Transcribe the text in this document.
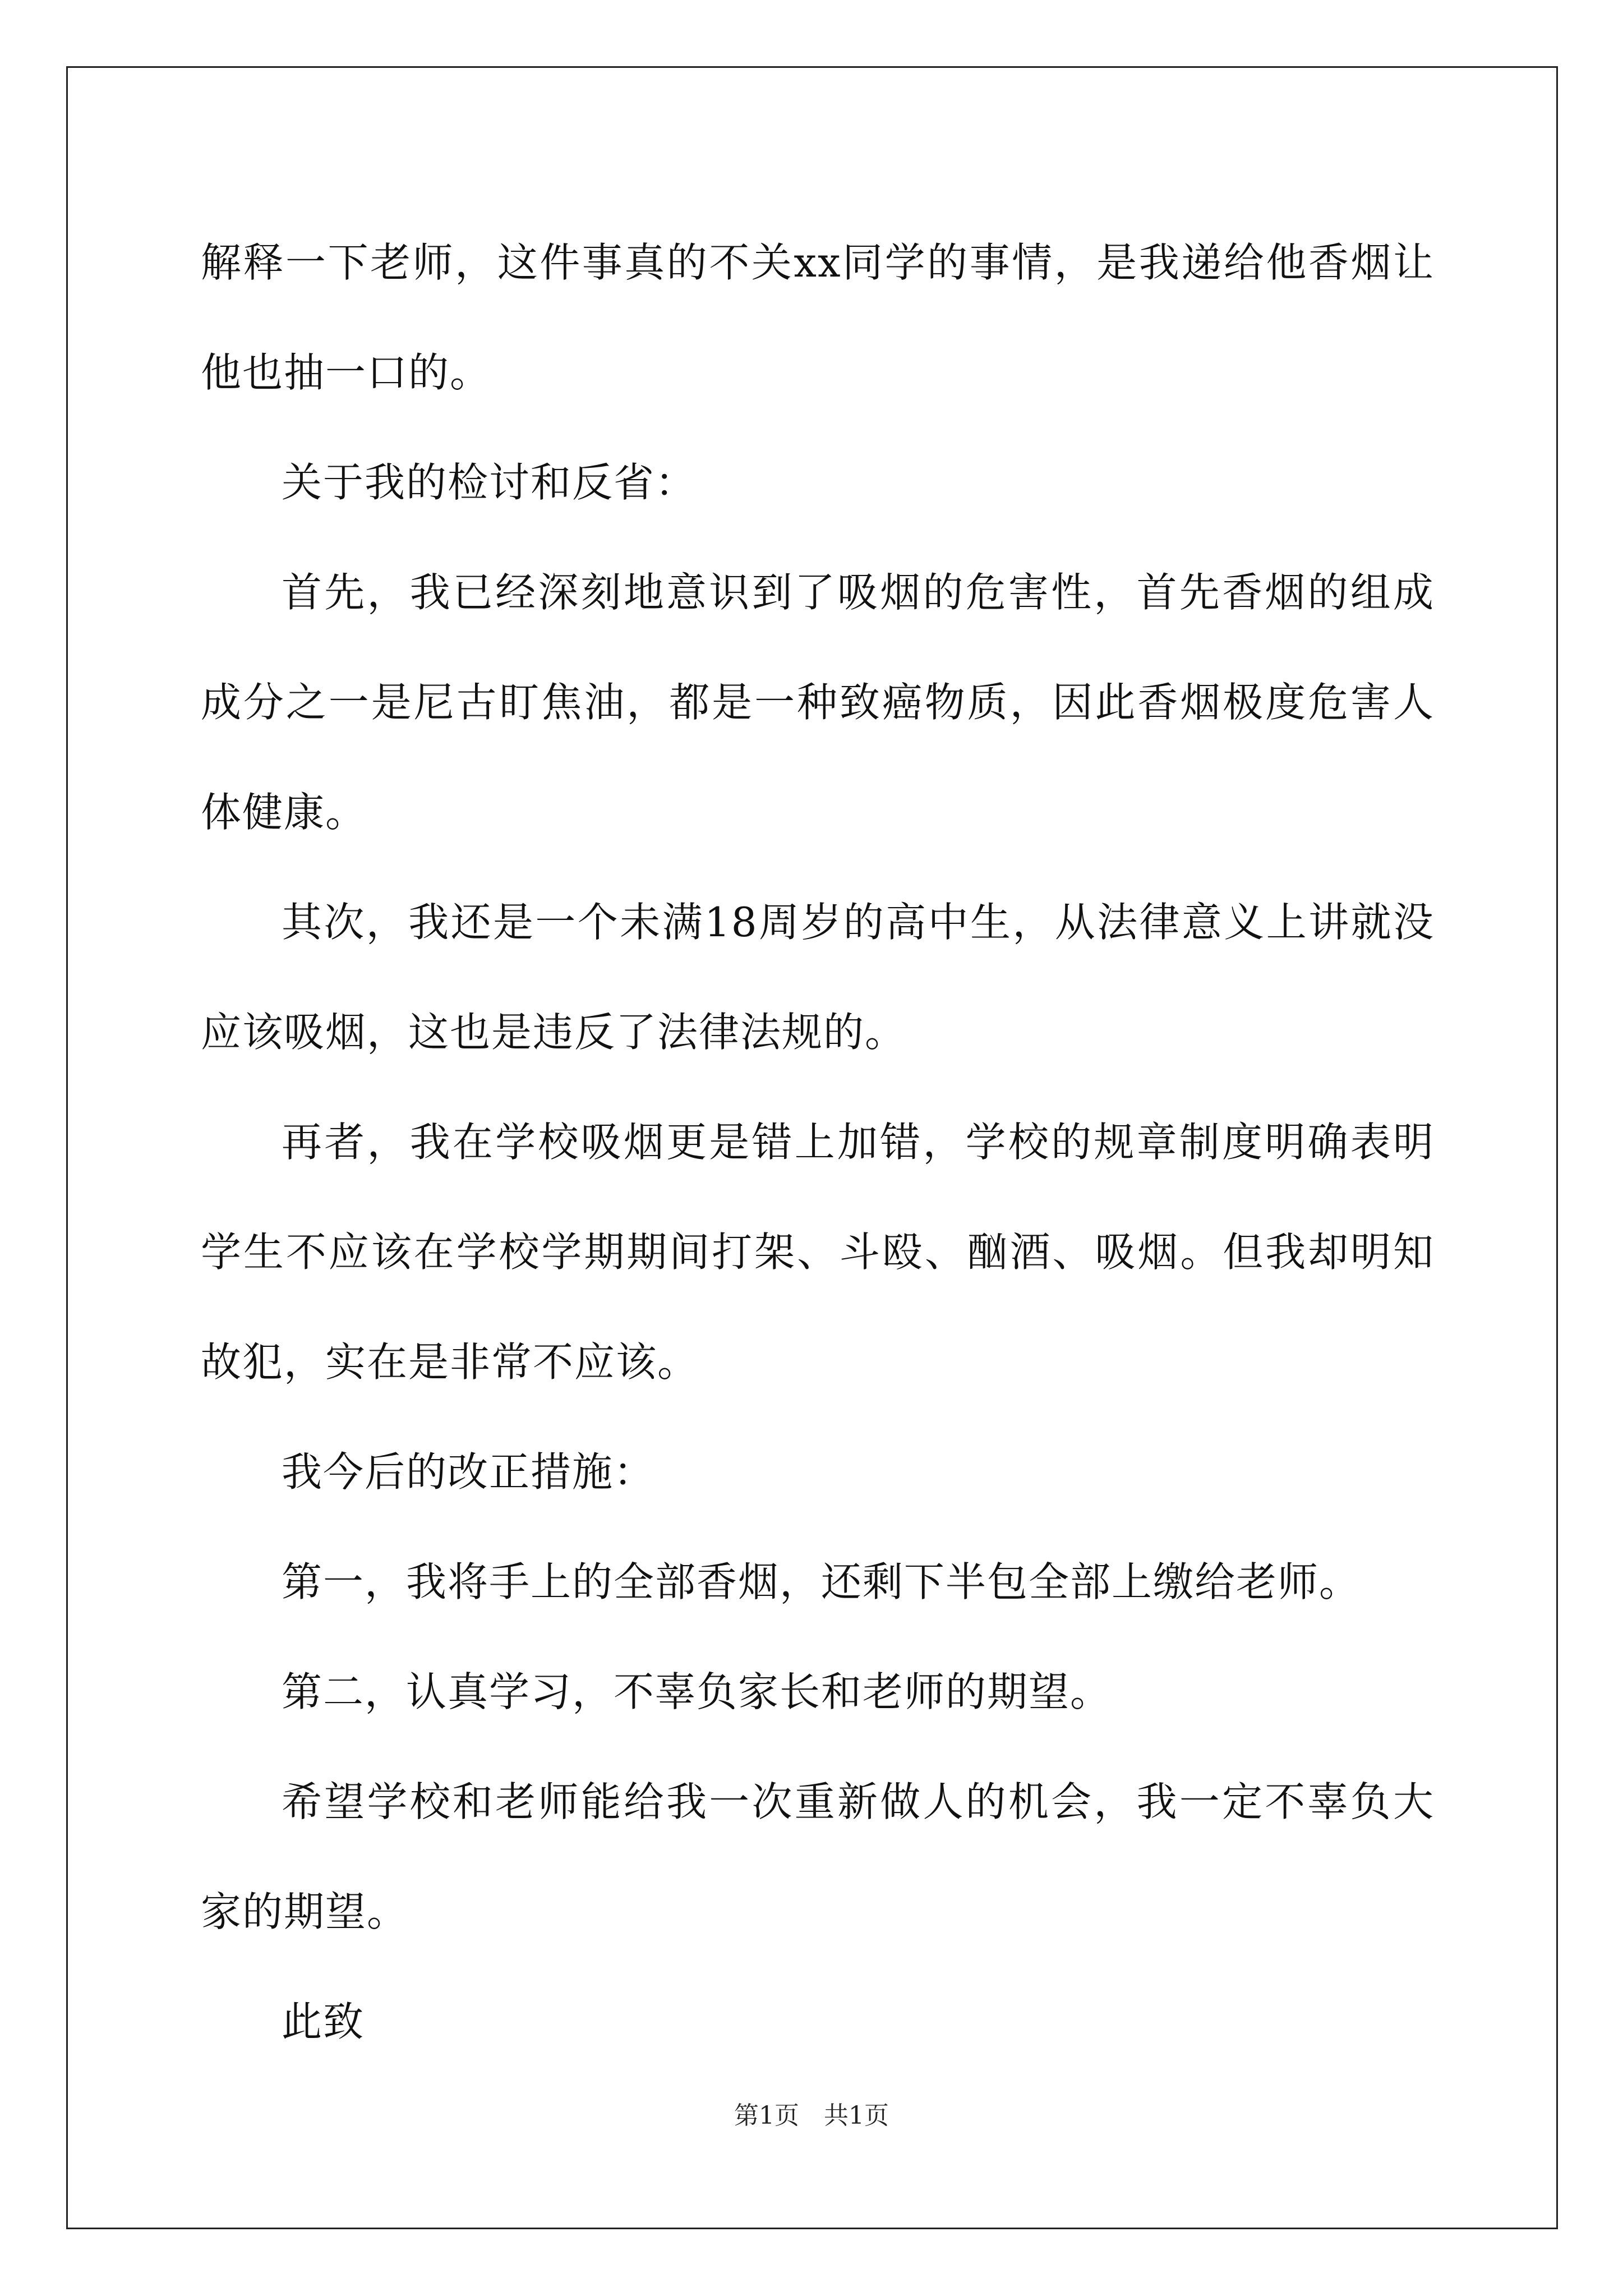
解释一下老师，这件事真的不关xx同学的事情，是我递给他香烟让他也抽一口的。

关于我的检讨和反省：

首先，我已经深刻地意识到了吸烟的危害性，首先香烟的组成成分之一是尼古盯焦油，都是一种致癌物质，因此香烟极度危害人体健康。

其次，我还是一个未满18周岁的高中生，从法律意义上讲就没应该吸烟，这也是违反了法律法规的。

再者，我在学校吸烟更是错上加错，学校的规章制度明确表明学生不应该在学校学期期间打架、斗殴、酗酒、吸烟。但我却明知故犯，实在是非常不应该。

我今后的改正措施：

第一，我将手上的全部香烟，还剩下半包全部上缴给老师。

第二，认真学习，不辜负家长和老师的期望。

希望学校和老师能给我一次重新做人的机会，我一定不辜负大家的期望。

此致

第1页　共1页
